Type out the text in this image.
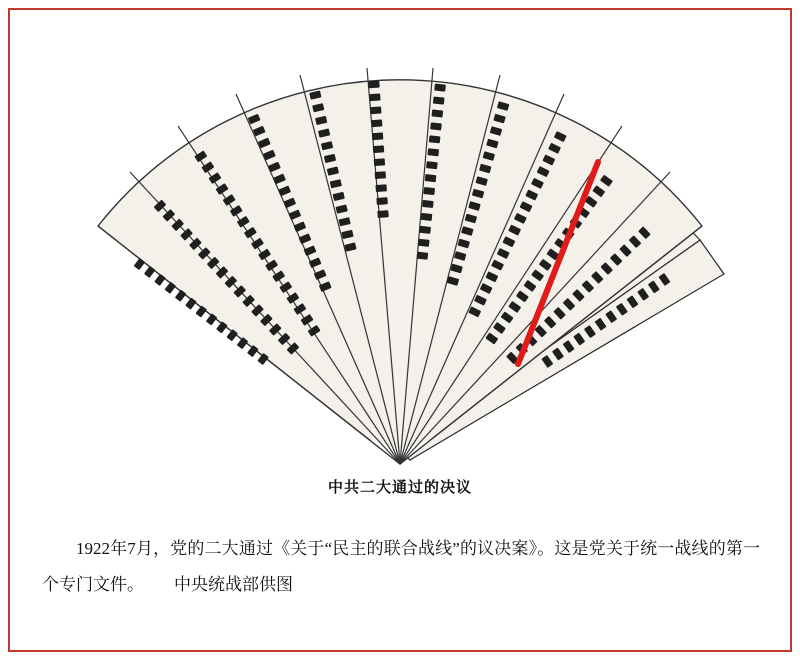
中共二大通过的决议
1922年7月，党的二大通过《关于“民主的联合战线”的议决案》。这是党关于统一战线的第一个专门文件。 中央统战部供图
